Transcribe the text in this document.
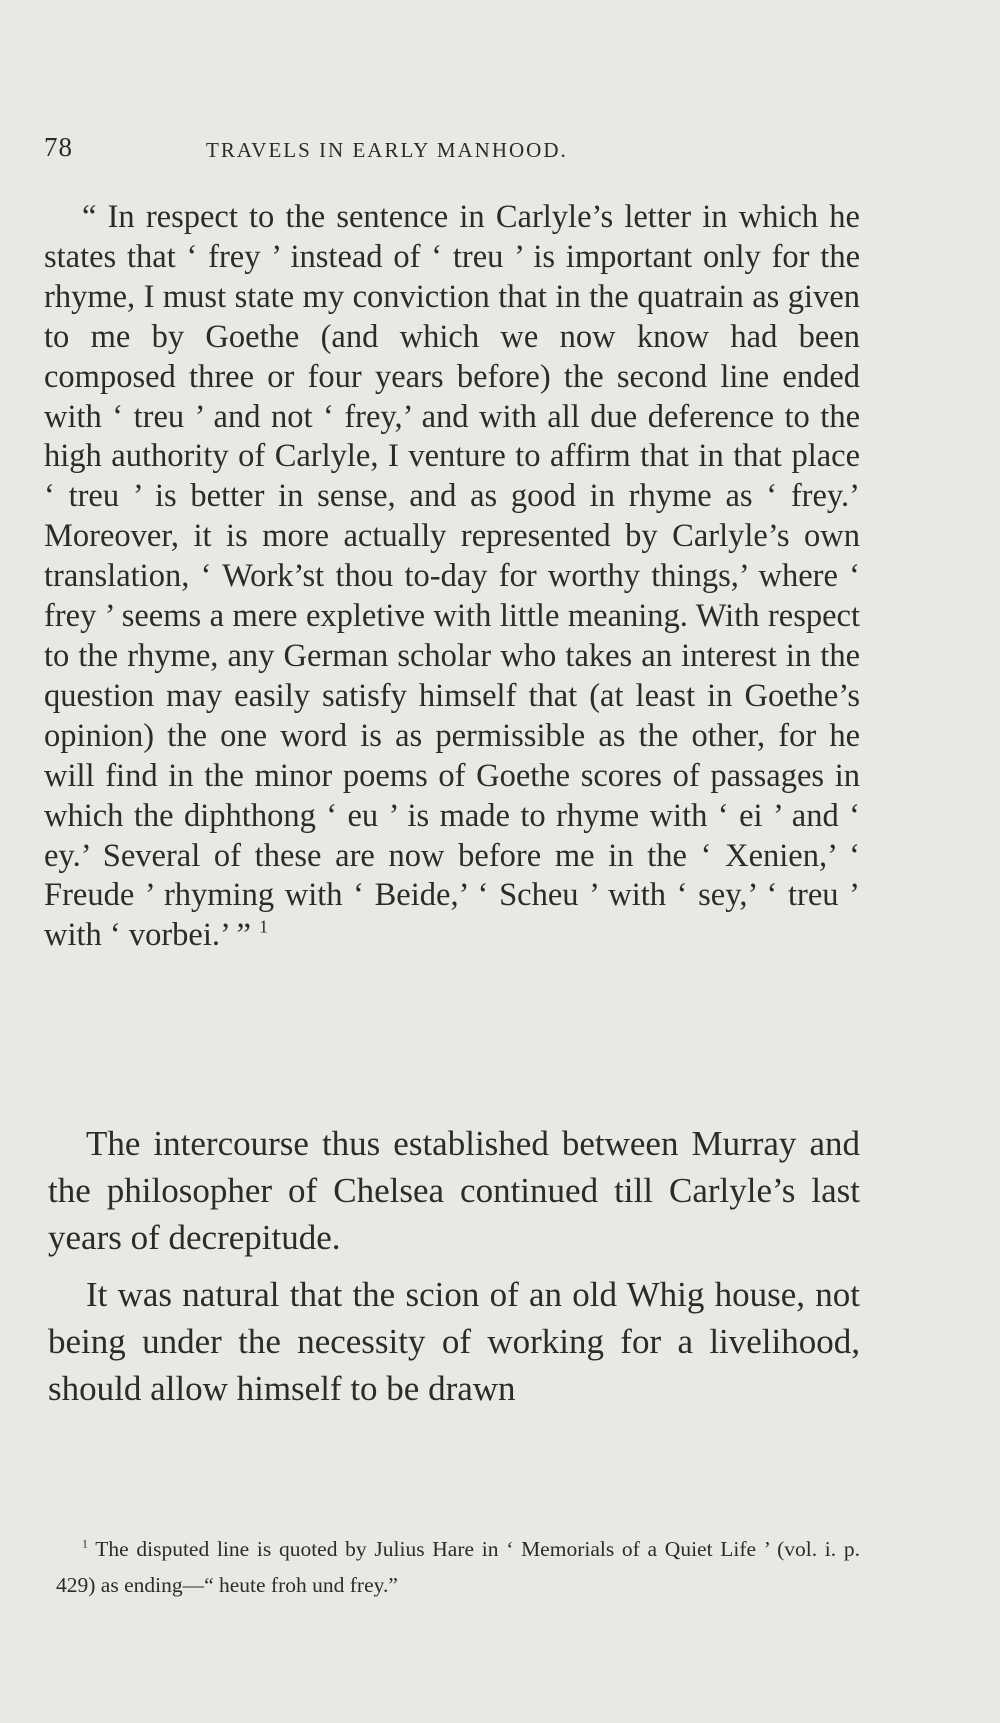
78	TRAVELS IN EARLY MANHOOD.

“ In respect to the sentence in Carlyle’s letter in which he states that ‘ frey ’ instead of ‘ treu ’ is important only for the rhyme, I must state my conviction that in the quatrain as given to me by Goethe (and which we now know had been composed three or four years before) the second line ended with ‘ treu ’ and not ‘ frey,’ and with all due deference to the high authority of Carlyle, I venture to affirm that in that place ‘ treu ’ is better in sense, and as good in rhyme as ‘ frey.’ Moreover, it is more actually represented by Carlyle’s own translation, ‘ Work’st thou to-day for worthy things,’ where ‘ frey ’ seems a mere expletive with little meaning. With respect to the rhyme, any German scholar who takes an interest in the question may easily satisfy himself that (at least in Goethe’s opinion) the one word is as permissible as the other, for he will find in the minor poems of Goethe scores of passages in which the diphthong ‘ eu ’ is made to rhyme with ‘ ei ’ and ‘ ey.’ Several of these are now before me in the ‘ Xenien,’ ‘ Freude ’ rhyming with ‘ Beide,’ ‘ Scheu ’ with ‘ sey,’ ‘ treu ’ with ‘ vorbei.’ ” $^1$

The intercourse thus established between Murray and the philosopher of Chelsea continued till Carlyle’s last years of decrepitude.

It was natural that the scion of an old Whig house, not being under the necessity of working for a livelihood, should allow himself to be drawn

$^1$ The disputed line is quoted by Julius Hare in ‘ Memorials of a Quiet Life ’ (vol. i. p. 429) as ending—“ heute froh und frey.”
